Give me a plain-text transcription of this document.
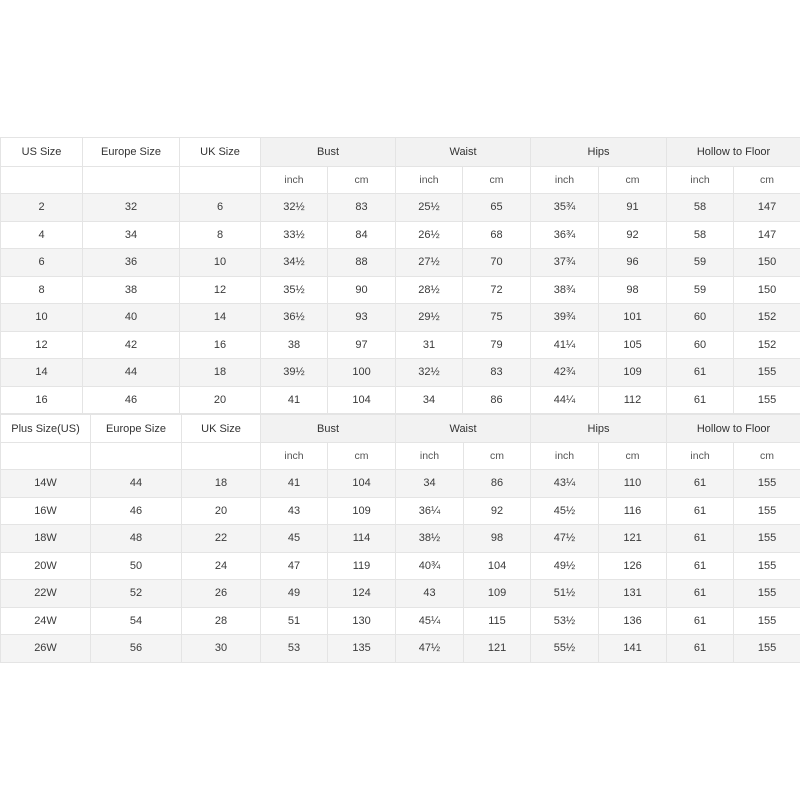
US Size	Europe Size	UK Size	Bust		Waist		Hips		Hollow to Floor	
			inch	cm	inch	cm	inch	cm	inch	cm
2	32	6	32½	83	25½	65	35¾	91	58	147
4	34	8	33½	84	26½	68	36¾	92	58	147
6	36	10	34½	88	27½	70	37¾	96	59	150
8	38	12	35½	90	28½	72	38¾	98	59	150
10	40	14	36½	93	29½	75	39¾	101	60	152
12	42	16	38	97	31	79	41¼	105	60	152
14	44	18	39½	100	32½	83	42¾	109	61	155
16	46	20	41	104	34	86	44¼	112	61	155
Plus Size(US)	Europe Size	UK Size	Bust		Waist		Hips		Hollow to Floor	
			inch	cm	inch	cm	inch	cm	inch	cm
14W	44	18	41	104	34	86	43¼	110	61	155
16W	46	20	43	109	36¼	92	45½	116	61	155
18W	48	22	45	114	38½	98	47½	121	61	155
20W	50	24	47	119	40¾	104	49½	126	61	155
22W	52	26	49	124	43	109	51½	131	61	155
24W	54	28	51	130	45¼	115	53½	136	61	155
26W	56	30	53	135	47½	121	55½	141	61	155
